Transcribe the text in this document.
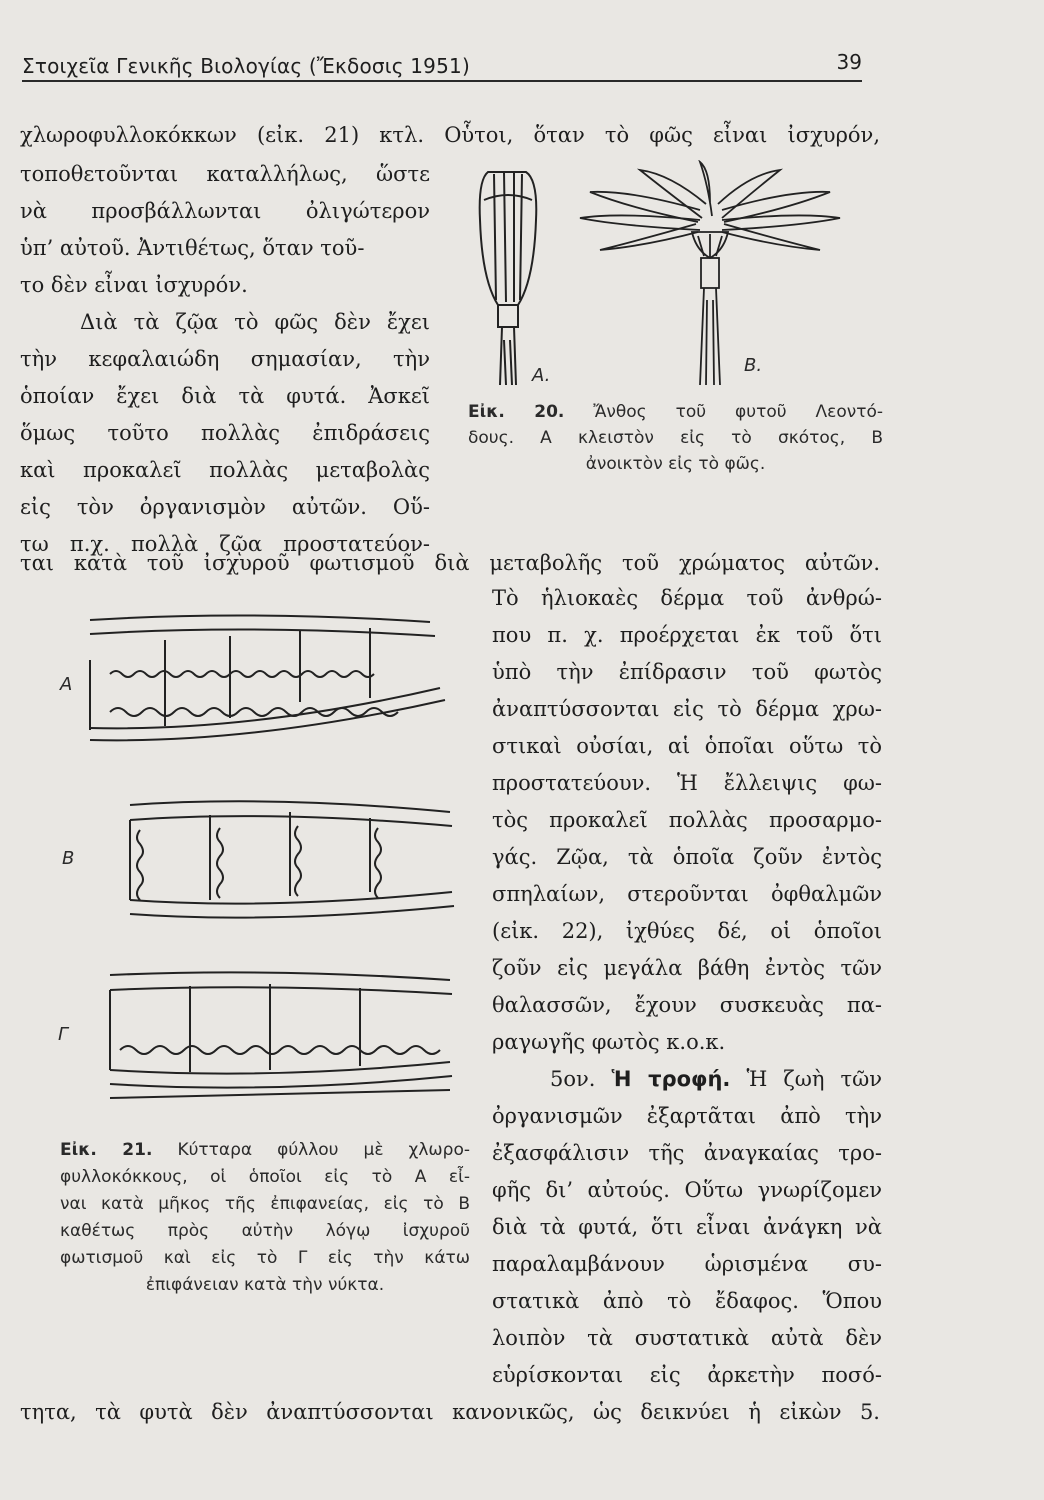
Στοιχεῖα Γενικῆς Βιολογίας (Ἔκδοσις 1951)	39
χλωροφυλλοκόκκων (εἰκ. 21) κτλ. Οὗτοι, ὅταν τὸ φῶς εἶναι ἰσχυρόν,
τοποθετοῦνται καταλλήλως, ὥστε
νὰ προσβάλλωνται ὀλιγώτερον
ὑπ’ αὐτοῦ. Ἀντιθέτως, ὅταν τοῦ-
το δὲν εἶναι ἰσχυρόν.
Διὰ τὰ ζῷα τὸ φῶς δὲν ἔχει
τὴν κεφαλαιώδη σημασίαν, τὴν
ὁποίαν ἔχει διὰ τὰ φυτά. Ἀσκεῖ
ὅμως τοῦτο πολλὰς ἐπιδράσεις
καὶ προκαλεῖ πολλὰς μεταβολὰς
εἰς τὸν ὀργανισμὸν αὐτῶν. Οὕ-
τω π.χ. πολλὰ ζῷα προστατεύον-
A.	B.
Εἰκ. 20. Ἄνθος τοῦ φυτοῦ Λεοντό-
δους. Α κλειστὸν εἰς τὸ σκότος, Β
ἀνοικτὸν εἰς τὸ φῶς.
ται κατὰ τοῦ ἰσχυροῦ φωτισμοῦ διὰ μεταβολῆς τοῦ χρώματος αὐτῶν.
A
B
Γ
Εἰκ. 21. Κύτταρα φύλλου μὲ χλωρο-
φυλλοκόκκους, οἱ ὁποῖοι εἰς τὸ Α εἶ-
ναι κατὰ μῆκος τῆς ἐπιφανείας, εἰς τὸ Β
καθέτως πρὸς αὐτὴν λόγῳ ἰσχυροῦ
φωτισμοῦ καὶ εἰς τὸ Γ εἰς τὴν κάτω
ἐπιφάνειαν κατὰ τὴν νύκτα.
Τὸ ἡλιοκαὲς δέρμα τοῦ ἀνθρώ-
που π. χ. προέρχεται ἐκ τοῦ ὅτι
ὑπὸ τὴν ἐπίδρασιν τοῦ φωτὸς
ἀναπτύσσονται εἰς τὸ δέρμα χρω-
στικαὶ οὐσίαι, αἱ ὁποῖαι οὕτω τὸ
προστατεύουν. Ἡ ἔλλειψις φω-
τὸς προκαλεῖ πολλὰς προσαρμο-
γάς. Ζῷα, τὰ ὁποῖα ζοῦν ἐντὸς
σπηλαίων, στεροῦνται ὀφθαλμῶν
(εἰκ. 22), ἰχθύες δέ, οἱ ὁποῖοι
ζοῦν εἰς μεγάλα βάθη ἐντὸς τῶν
θαλασσῶν, ἔχουν συσκευὰς πα-
ραγωγῆς φωτὸς κ.ο.κ.
5ον. Ἡ τροφή. Ἡ ζωὴ τῶν
ὀργανισμῶν ἐξαρτᾶται ἀπὸ τὴν
ἐξασφάλισιν τῆς ἀναγκαίας τρο-
φῆς δι’ αὐτούς. Οὕτω γνωρίζομεν
διὰ τὰ φυτά, ὅτι εἶναι ἀνάγκη νὰ
παραλαμβάνουν ὡρισμένα συ-
στατικὰ ἀπὸ τὸ ἔδαφος. Ὅπου
λοιπὸν τὰ συστατικὰ αὐτὰ δὲν
εὑρίσκονται εἰς ἀρκετὴν ποσό-
τητα, τὰ φυτὰ δὲν ἀναπτύσσονται κανονικῶς, ὡς δεικνύει ἡ εἰκὼν 5.
